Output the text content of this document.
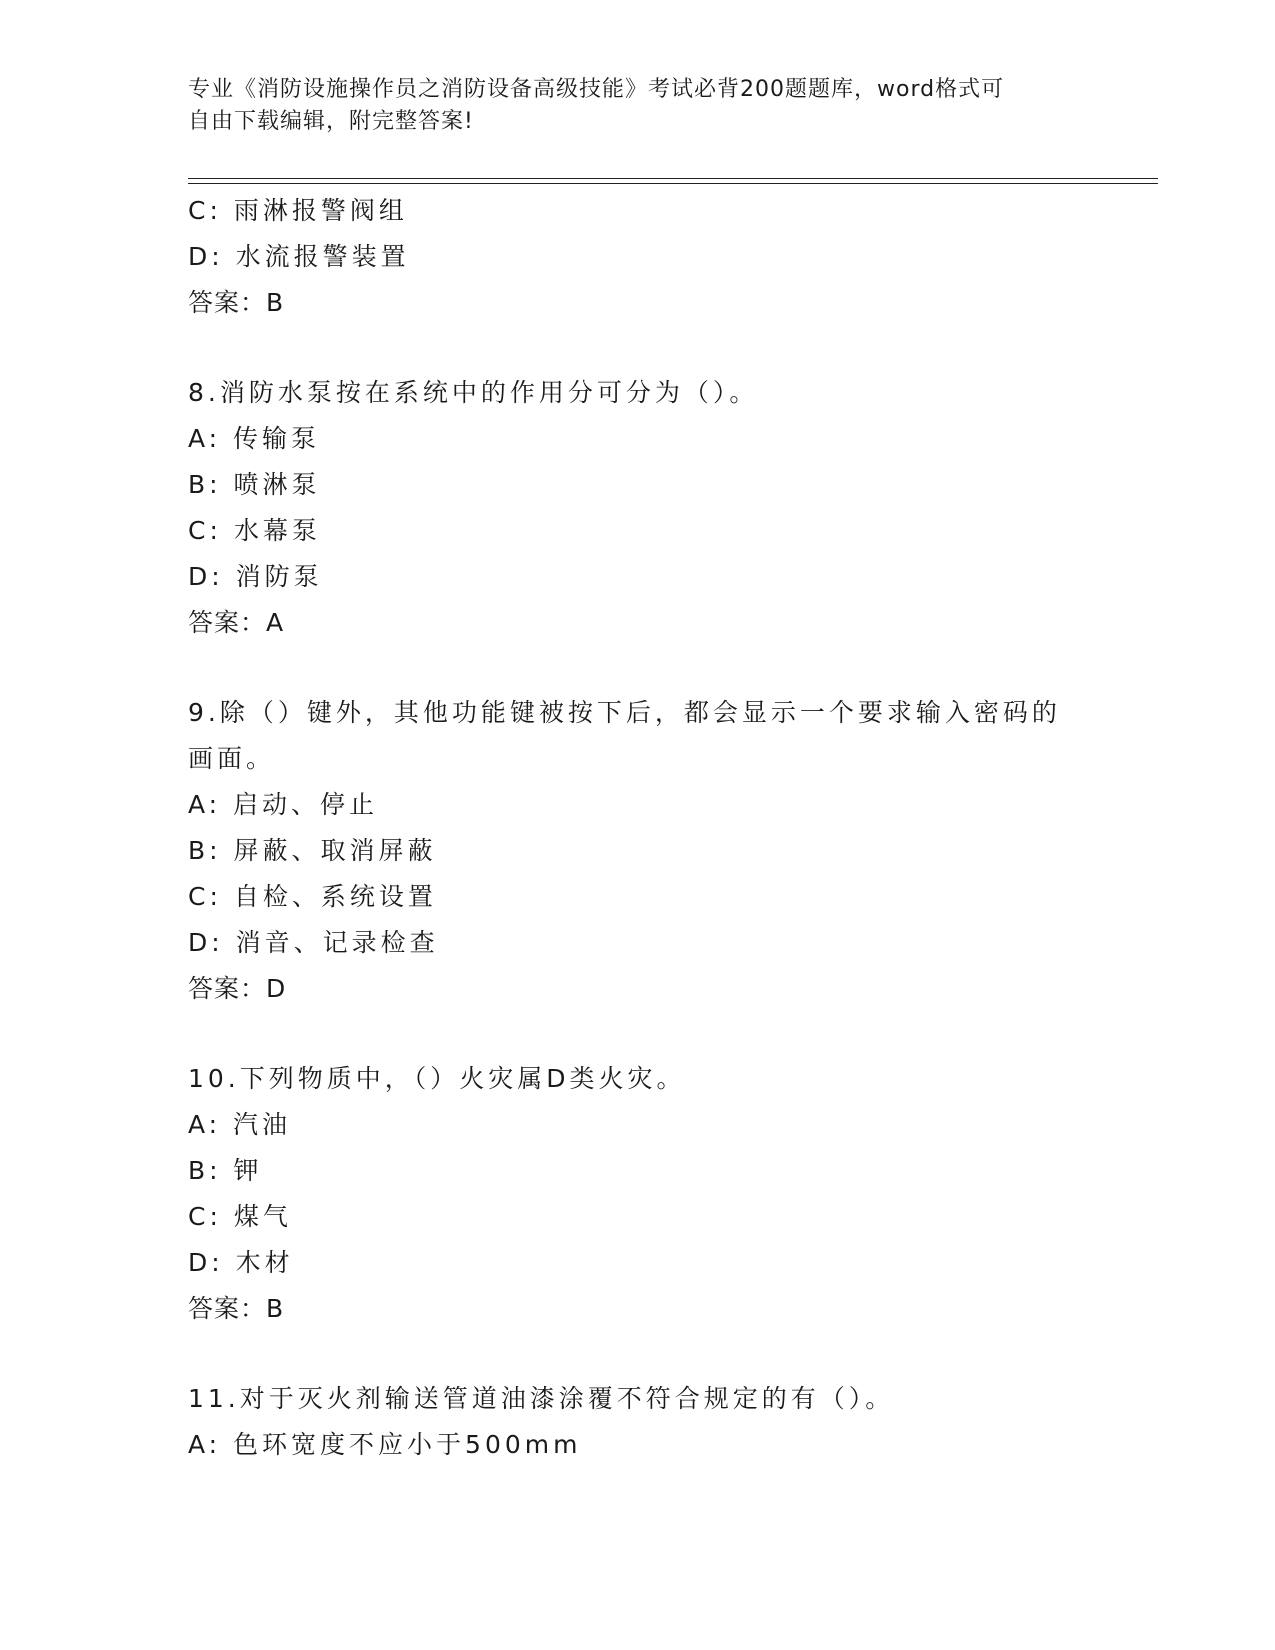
专业《消防设施操作员之消防设备高级技能》考试必背200题题库，word格式可
自由下载编辑，附完整答案!
C: 雨淋报警阀组
D: 水流报警装置
答案：B
8.消防水泵按在系统中的作用分可分为（）。
A: 传输泵
B: 喷淋泵
C: 水幕泵
D: 消防泵
答案：A
9.除（）键外，其他功能键被按下后，都会显示一个要求输入密码的
画面。
A: 启动、停止
B: 屏蔽、取消屏蔽
C: 自检、系统设置
D: 消音、记录检查
答案：D
10.下列物质中，（）火灾属D类火灾。
A: 汽油
B: 钾
C: 煤气
D: 木材
答案：B
11.对于灭火剂输送管道油漆涂覆不符合规定的有（）。
A: 色环宽度不应小于500mm
